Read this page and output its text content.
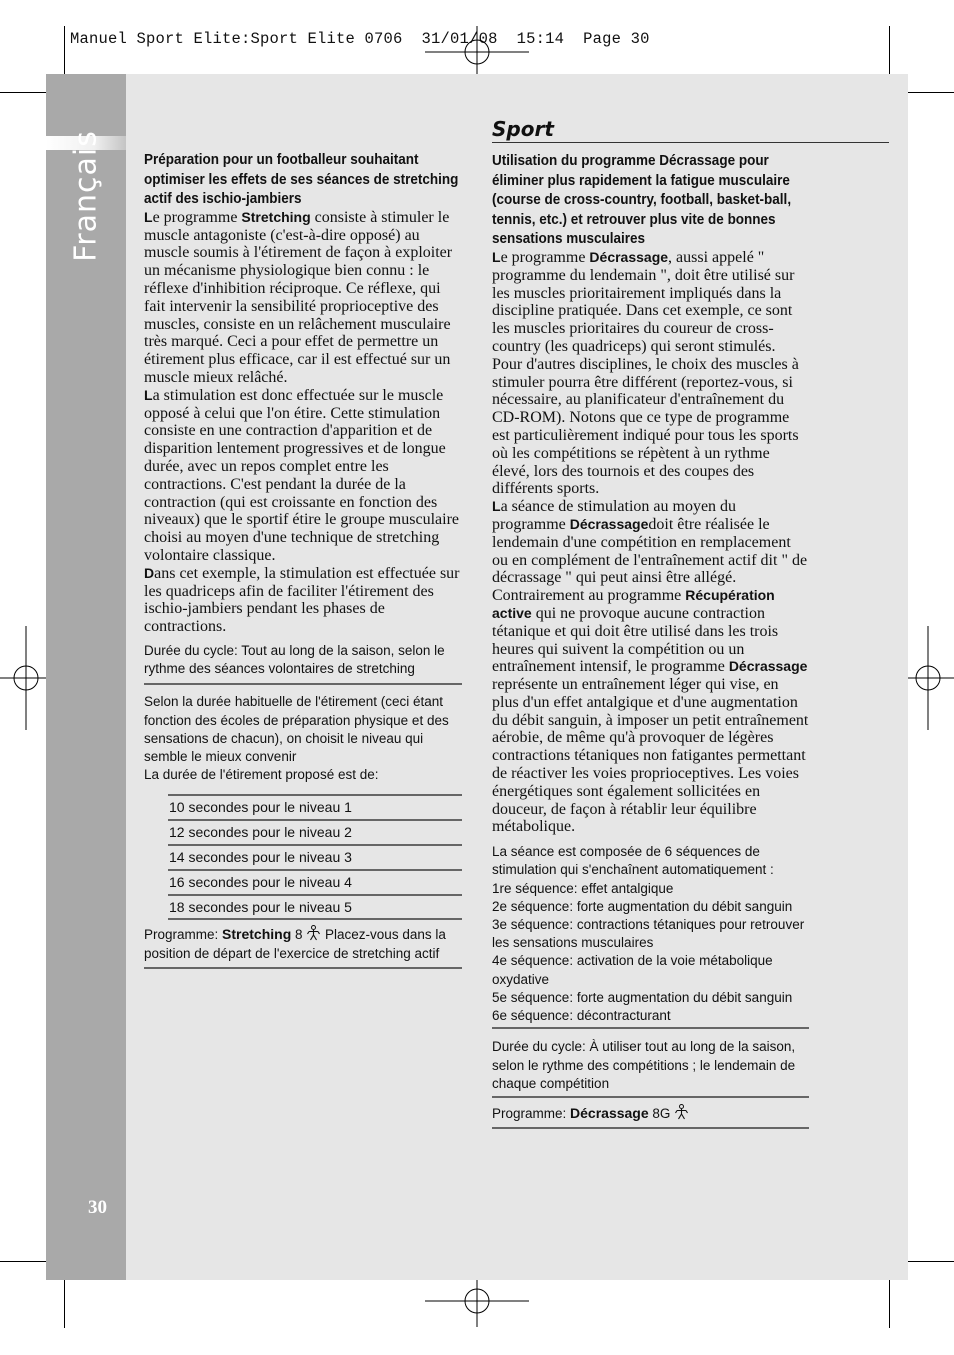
Manuel Sport Elite:Sport Elite 0706  31/01/08  15:14  Page 30
Français
30

Préparation pour un footballeur souhaitant optimiser les effets de ses séances de stretching actif des ischio-jambiers

Le programme Stretching consiste à stimuler le muscle antagoniste (c'est-à-dire opposé) au muscle soumis à l'étirement de façon à exploiter un mécanisme physiologique bien connu : le réflexe d'inhibition réciproque. Ce réflexe, qui fait intervenir la sensibilité proprioceptive des muscles, consiste en un relâchement musculaire très marqué. Ceci a pour effet de permettre un étirement plus efficace, car il est effectué sur un muscle mieux relâché.

La stimulation est donc effectuée sur le muscle opposé à celui que l'on étire. Cette stimulation consiste en une contraction d'apparition et de disparition lentement progressives et de longue durée, avec un repos complet entre les contractions. C'est pendant la durée de la contraction (qui est croissante en fonction des niveaux) que le sportif étire le groupe musculaire choisi au moyen d'une technique de stretching volontaire classique.

Dans cet exemple, la stimulation est effectuée sur les quadriceps afin de faciliter l'étirement des ischio-jambiers pendant les phases de contractions.

Durée du cycle: Tout au long de la saison, selon le rythme des séances volontaires de stretching

Selon la durée habituelle de l'étirement (ceci étant fonction des écoles de préparation physique et des sensations de chacun), on choisit le niveau qui semble le mieux convenir

La durée de l'étirement proposé est de:

10 secondes pour le niveau 1
12 secondes pour le niveau 2
14 secondes pour le niveau 3
16 secondes pour le niveau 4
18 secondes pour le niveau 5

Programme: Stretching 8  Placez-vous dans la position de départ de l'exercice de stretching actif

Sport

Utilisation du programme Décrassage pour éliminer plus rapidement la fatigue musculaire (course de cross-country, football, basket-ball, tennis, etc.) et retrouver plus vite de bonnes sensations musculaires

Le programme Décrassage, aussi appelé " programme du lendemain ", doit être utilisé sur les muscles prioritairement impliqués dans la discipline pratiquée. Dans cet exemple, ce sont les muscles prioritaires du coureur de cross-country (les quadriceps) qui seront stimulés. Pour d'autres disciplines, le choix des muscles à stimuler pourra être différent (reportez-vous, si nécessaire, au planificateur d'entraînement du CD-ROM). Notons que ce type de programme est particulièrement indiqué pour tous les sports où les compétitions se répètent à un rythme élevé, lors des tournois et des coupes des différents sports.

La séance de stimulation au moyen du programme Décrassagedoit être réalisée le lendemain d'une compétition en remplacement ou en complément de l'entraînement actif dit " de décrassage " qui peut ainsi être allégé. Contrairement au programme Récupération active qui ne provoque aucune contraction tétanique et qui doit être utilisé dans les trois heures qui suivent la compétition ou un entraînement intensif, le programme Décrassage représente un entraînement léger qui vise, en plus d'un effet antalgique et d'une augmentation du débit sanguin, à imposer un petit entraînement aérobie, de même qu'à provoquer de légères contractions tétaniques non fatigantes permettant de réactiver les voies proprioceptives. Les voies énergétiques sont également sollicitées en douceur, de façon à rétablir leur équilibre métabolique.

La séance est composée de 6 séquences de stimulation qui s'enchaînent automatiquement :

1re séquence: effet antalgique

2e séquence: forte augmentation du débit sanguin

3e séquence: contractions tétaniques pour retrouver les sensations musculaires

4e séquence: activation de la voie métabolique oxydative

5e séquence: forte augmentation du débit sanguin

6e séquence: décontracturant

Durée du cycle: À utiliser tout au long de la saison, selon le rythme des compétitions ; le lendemain de chaque compétition

Programme: Décrassage 8G
